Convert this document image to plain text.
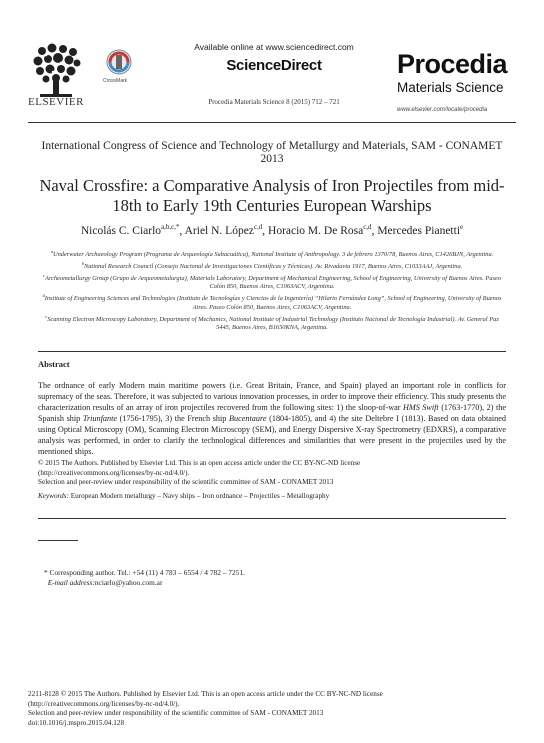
ELSEVIER
CrossMark
Available online at www.sciencedirect.com
ScienceDirect
Procedia Materials Science 8 (2015) 712 – 721
Procedia
Materials Science
www.elsevier.com/locate/procedia
International Congress of Science and Technology of Metallurgy and Materials, SAM - CONAMET 2013
Naval Crossfire: a Comparative Analysis of Iron Projectiles from mid-18th to Early 19th Centuries European Warships
Nicolás C. Ciarlo$^{a,b,c,*}$, Ariel N. López$^{c,d}$, Horacio M. De Rosa$^{c,d}$, Mercedes Pianetti$^e$

$^a$Underwater Archaeology Program (Programa de Arqueología Subacuática), National Institute of Anthropology. 3 de febrero 1370/78, Buenos Aires, C1426BJN, Argentina.

$^b$National Research Council (Consejo Nacional de Investigaciones Científicas y Técnicas). Av. Rivadavia 1917, Buenos Aires, C1033AAJ, Argentina.

$^c$Archeometallurgy Group (Grupo de Arqueometalurgia), Materials Laboratory, Department of Mechanical Engineering, School of Engineering, University of Buenos Aires. Paseo Colón 850, Buenos Aires, C1063ACV, Argentina.

$^d$Institute of Engineering Sciences and Technologies (Instituto de Tecnologías y Ciencias de la Ingeniería) “Hilario Fernández Long”, School of Engineering, University of Buenos Aires. Paseo Colón 850, Buenos Aires, C1063ACV, Argentina.

$^e$Scanning Electron Microscopy Laboratory, Department of Mechanics, National Institute of Industrial Technology (Instituto Nacional de Tecnología Industrial). Av. General Paz 5445, Buenos Aires, B1650KNA, Argentina.

Abstract
The ordnance of early Modern main maritime powers (i.e. Great Britain, France, and Spain) played an important role in conflicts for supremacy of the seas. Therefore, it was subjected to various innovation processes, in order to improve their efficiency. This study presents the characterization results of an array of iron projectiles recovered from the following sites: 1) the sloop-of-war HMS Swift (1763-1770), 2) the Spanish ship Triunfante (1756-1795), 3) the French ship Bucentaure (1804-1805), and 4) the site Deltebre I (1813). Based on data obtained using Optical Microscopy (OM), Scanning Electron Microscopy (SEM), and Energy Dispersive X-ray Spectrometry (EDXRS), a comparative analysis was performed, in order to clarify the technological differences and similarities that were present in the projectiles used by the mentioned ships.
© 2015 The Authors. Published by Elsevier Ltd. This is an open access article under the CC BY-NC-ND license
(http://creativecommons.org/licenses/by-nc-nd/4.0/).
Selection and peer-review under responsibility of the scientific committee of SAM - CONAMET 2013
Keywords: European Modern metallurgy – Navy ships – Iron ordnance – Projectiles – Metallography
* Corresponding author. Tel.: +54 (11) 4 783 – 6554 / 4 782 – 7251.
E-mail address:nciarlo@yahoo.com.ar
2211-8128 © 2015 The Authors. Published by Elsevier Ltd. This is an open access article under the CC BY-NC-ND license
(http://creativecommons.org/licenses/by-nc-nd/4.0/).
Selection and peer-review under responsibility of the scientific committee of SAM - CONAMET 2013
doi:10.1016/j.mspro.2015.04.128
